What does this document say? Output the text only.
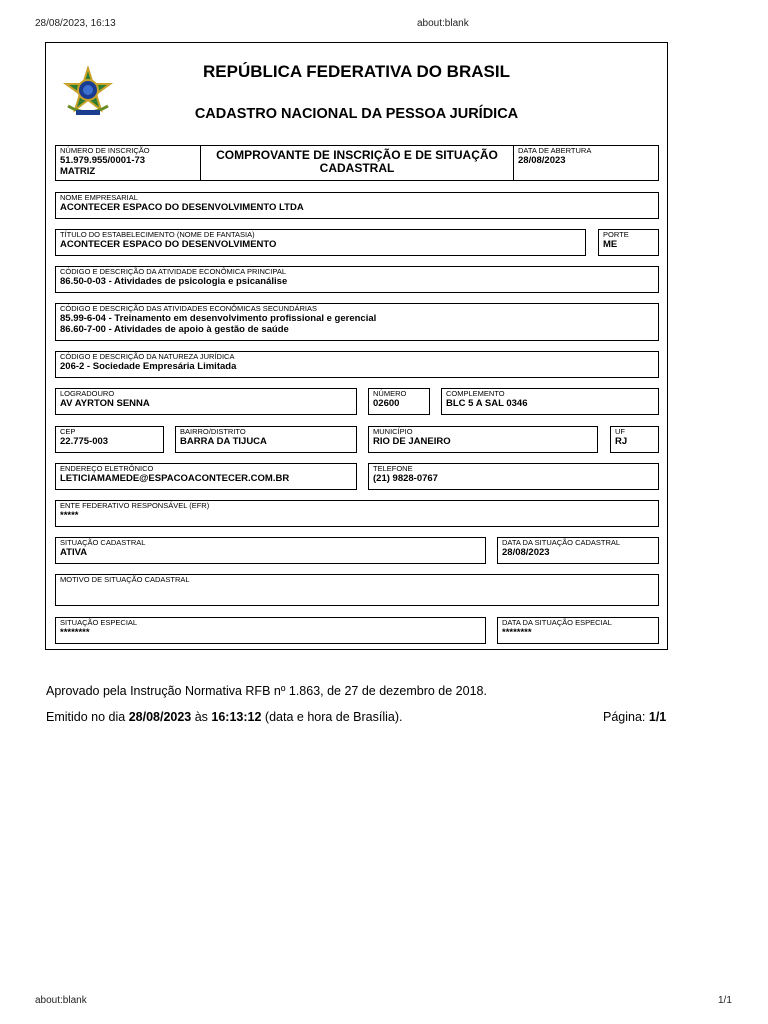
28/08/2023, 16:13	about:blank
REPÚBLICA FEDERATIVA DO BRASIL
CADASTRO NACIONAL DA PESSOA JURÍDICA
NÚMERO DE INSCRIÇÃO
51.979.955/0001-73
MATRIZ
COMPROVANTE DE INSCRIÇÃO E DE SITUAÇÃO
CADASTRAL
DATA DE ABERTURA
28/08/2023
NOME EMPRESARIAL
ACONTECER ESPACO DO DESENVOLVIMENTO LTDA
TÍTULO DO ESTABELECIMENTO (NOME DE FANTASIA)
ACONTECER ESPACO DO DESENVOLVIMENTO
PORTE
ME
CÓDIGO E DESCRIÇÃO DA ATIVIDADE ECONÔMICA PRINCIPAL
86.50-0-03 - Atividades de psicologia e psicanálise
CÓDIGO E DESCRIÇÃO DAS ATIVIDADES ECONÔMICAS SECUNDÁRIAS
85.99-6-04 - Treinamento em desenvolvimento profissional e gerencial
86.60-7-00 - Atividades de apoio à gestão de saúde
CÓDIGO E DESCRIÇÃO DA NATUREZA JURÍDICA
206-2 - Sociedade Empresária Limitada
LOGRADOURO
AV AYRTON SENNA
NÚMERO
02600
COMPLEMENTO
BLC 5 A SAL 0346
CEP
22.775-003
BAIRRO/DISTRITO
BARRA DA TIJUCA
MUNICÍPIO
RIO DE JANEIRO
UF
RJ
ENDEREÇO ELETRÔNICO
LETICIAMAMEDE@ESPACOACONTECER.COM.BR
TELEFONE
(21) 9828-0767
ENTE FEDERATIVO RESPONSÁVEL (EFR)
*****
SITUAÇÃO CADASTRAL
ATIVA
DATA DA SITUAÇÃO CADASTRAL
28/08/2023
MOTIVO DE SITUAÇÃO CADASTRAL
SITUAÇÃO ESPECIAL
********
DATA DA SITUAÇÃO ESPECIAL
********
Aprovado pela Instrução Normativa RFB nº 1.863, de 27 de dezembro de 2018.
Emitido no dia 28/08/2023 às 16:13:12 (data e hora de Brasília).	Página: 1/1
about:blank	1/1
